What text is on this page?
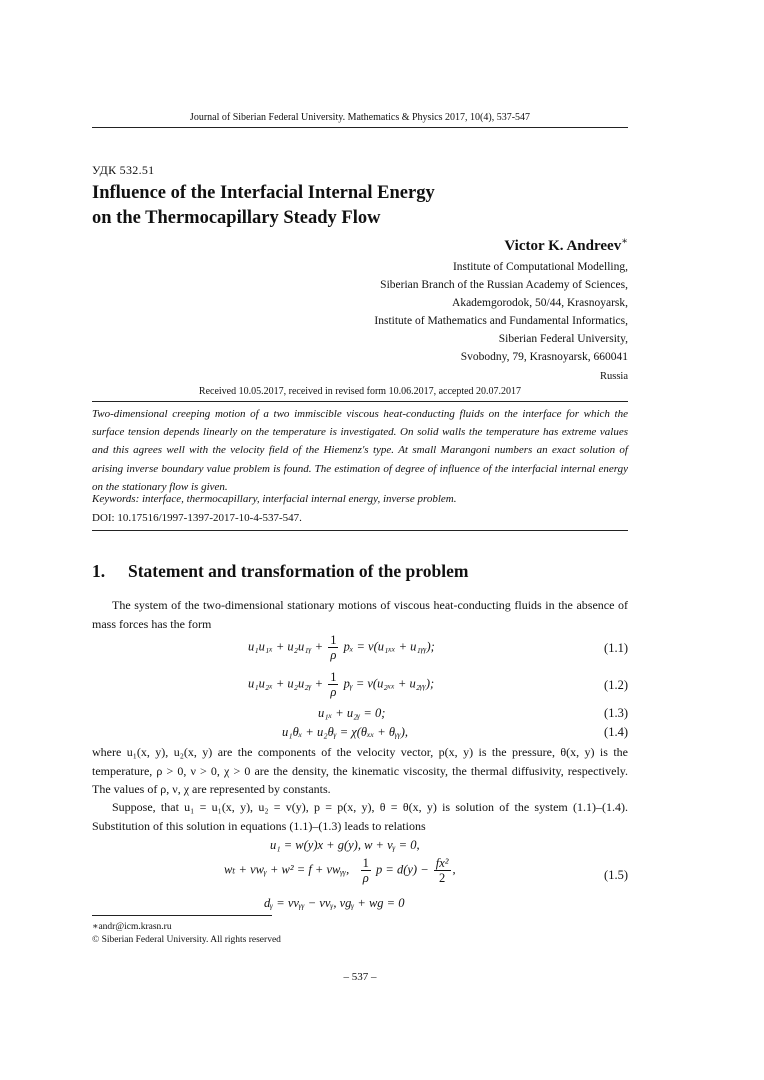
Journal of Siberian Federal University. Mathematics & Physics 2017, 10(4), 537-547
УДК 532.51
Influence of the Interfacial Internal Energy
on the Thermocapillary Steady Flow
Victor K. Andreev∗
Institute of Computational Modelling,
Siberian Branch of the Russian Academy of Sciences,
Akademgorodok, 50/44, Krasnoyarsk,
Institute of Mathematics and Fundamental Informatics,
Siberian Federal University,
Svobodny, 79, Krasnoyarsk, 660041
Russia
Received 10.05.2017, received in revised form 10.06.2017, accepted 20.07.2017
Two-dimensional creeping motion of a two immiscible viscous heat-conducting fluids on the interface for which the surface tension depends linearly on the temperature is investigated. On solid walls the temperature has extreme values and this agrees well with the velocity field of the Hiemenz's type. At small Marangoni numbers an exact solution of arising inverse boundary value problem is found. The estimation of degree of influence of the interfacial internal energy on the stationary flow is given.
Keywords: interface, thermocapillary, interfacial internal energy, inverse problem.
DOI: 10.17516/1997-1397-2017-10-4-537-547.
1. Statement and transformation of the problem
The system of the two-dimensional stationary motions of viscous heat-conducting fluids in the absence of mass forces has the form
u₁u₁ₓ + u₂u₁ᵧ + $\frac{1}{\rho}$ pₓ = ν(u₁ₓₓ + u₁ᵧᵧ);	(1.1)
u₁u₂ₓ + u₂u₂ᵧ + $\frac{1}{\rho}$ pᵧ = ν(u₂ₓₓ + u₂ᵧᵧ);	(1.2)
u₁ₓ + u₂ᵧ = 0;	(1.3)
u₁θₓ + u₂θᵧ = χ(θₓₓ + θᵧᵧ),	(1.4)
where u₁(x, y), u₂(x, y) are the components of the velocity vector, p(x, y) is the pressure, θ(x, y) is the temperature, ρ > 0, ν > 0, χ > 0 are the density, the kinematic viscosity, the thermal diffusivity, respectively. The values of ρ, ν, χ are represented by constants.
Suppose, that u₁ = u₁(x, y), u₂ = v(y), p = p(x, y), θ = θ(x, y) is solution of the system (1.1)–(1.4). Substitution of this solution in equations (1.1)–(1.3) leads to relations
u₁ = w(y)x + g(y), w + vᵧ = 0,
wₜ + vwᵧ + w² = f + νwᵧᵧ, $\frac{1}{\rho}$ $p = d(y) - \frac{\text{fx²}}{2}$ ,
dᵧ = νvᵧᵧ − vvᵧ, vgᵧ + wg = 0
(1.5)
∗andr@icm.krasn.ru
© Siberian Federal University. All rights reserved
– 537 –
